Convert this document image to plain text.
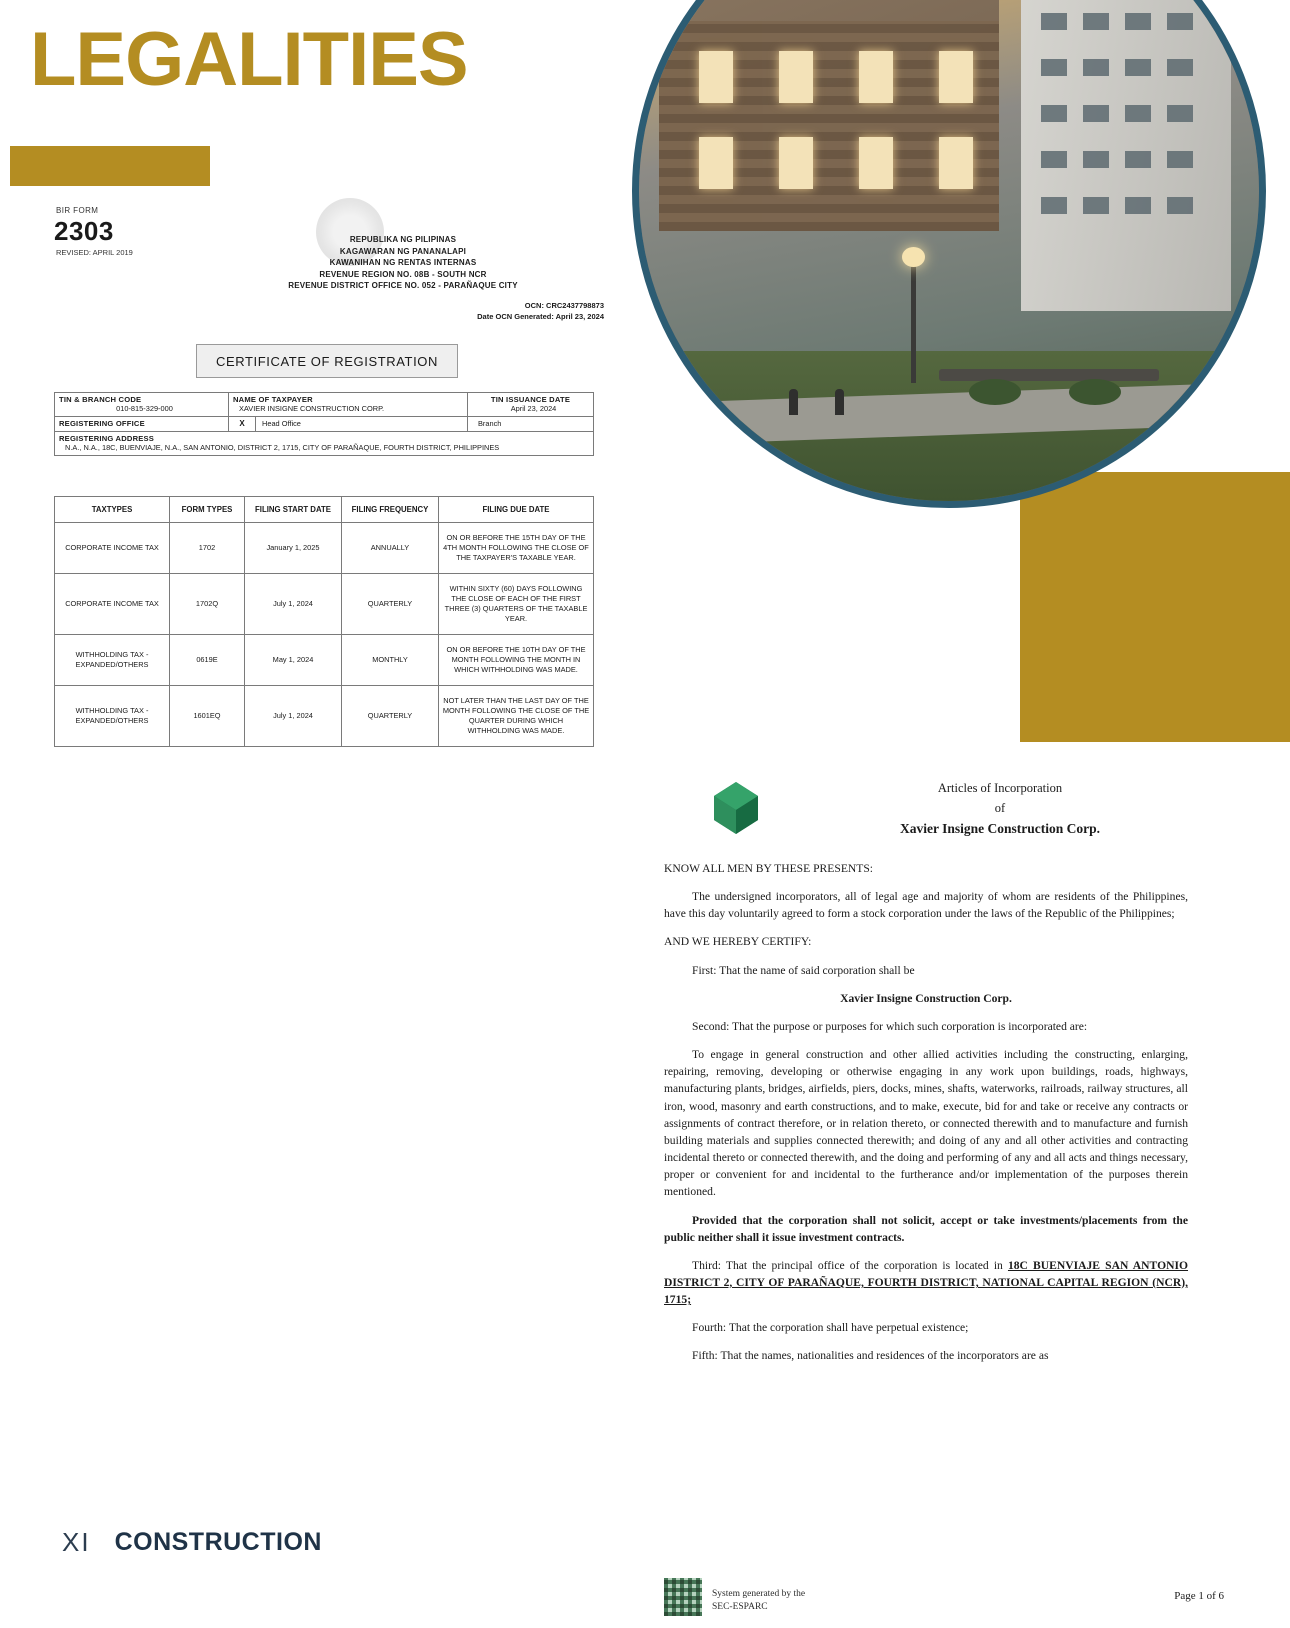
LEGALITIES
BIR FORM
2303
REVISED: APRIL 2019
REPUBLIKA NG PILIPINAS
KAGAWARAN NG PANANALAPI
KAWANIHAN NG RENTAS INTERNAS
REVENUE REGION NO. 08B - SOUTH NCR
REVENUE DISTRICT OFFICE NO. 052 - PARAÑAQUE CITY
OCN: CRC2437798873
Date OCN Generated: April 23, 2024
CERTIFICATE OF REGISTRATION
TIN & BRANCH CODE
010-815-329-000

NAME OF TAXPAYER
XAVIER INSIGNE CONSTRUCTION CORP.

TIN ISSUANCE DATE
April 23, 2024

REGISTERING OFFICE
		X	Head Office
		Branch

REGISTERING ADDRESS
N.A., N.A., 18C, BUENVIAJE, N.A., SAN ANTONIO, DISTRICT 2, 1715, CITY OF PARAÑAQUE, FOURTH DISTRICT, PHILIPPINES
TAXTYPES	FORM TYPES	FILING START DATE	FILING FREQUENCY	FILING DUE DATE
CORPORATE INCOME TAX	1702	January 1, 2025	ANNUALLY	ON OR BEFORE THE 15TH DAY OF THE 4TH MONTH FOLLOWING THE CLOSE OF THE TAXPAYER'S TAXABLE YEAR.
CORPORATE INCOME TAX	1702Q	July 1, 2024	QUARTERLY	WITHIN SIXTY (60) DAYS FOLLOWING THE CLOSE OF EACH OF THE FIRST THREE (3) QUARTERS OF THE TAXABLE YEAR.
WITHHOLDING TAX - EXPANDED/OTHERS	0619E	May 1, 2024	MONTHLY	ON OR BEFORE THE 10TH DAY OF THE MONTH FOLLOWING THE MONTH IN WHICH WITHHOLDING WAS MADE.
WITHHOLDING TAX - EXPANDED/OTHERS	1601EQ	July 1, 2024	QUARTERLY	NOT LATER THAN THE LAST DAY OF THE MONTH FOLLOWING THE CLOSE OF THE QUARTER DURING WHICH WITHHOLDING WAS MADE.
Articles of Incorporation
of
Xavier Insigne Construction Corp.

KNOW ALL MEN BY THESE PRESENTS:

The undersigned incorporators, all of legal age and majority of whom are residents of the Philippines, have this day voluntarily agreed to form a stock corporation under the laws of the Republic of the Philippines;

AND WE HEREBY CERTIFY:

First: That the name of said corporation shall be

Xavier Insigne Construction Corp.

Second: That the purpose or purposes for which such corporation is incorporated are:

To engage in general construction and other allied activities including the constructing, enlarging, repairing, removing, developing or otherwise engaging in any work upon buildings, roads, highways, manufacturing plants, bridges, airfields, piers, docks, mines, shafts, waterworks, railroads, railway structures, all iron, wood, masonry and earth constructions, and to make, execute, bid for and take or receive any contracts or assignments of contract therefore, or in relation thereto, or connected therewith and to manufacture and furnish building materials and supplies connected therewith; and doing of any and all other activities and contracting incidental thereto or connected therewith, and the doing and performing of any and all acts and things necessary, proper or convenient for and incidental to the furtherance and/or implementation of the purposes therein mentioned.

Provided that the corporation shall not solicit, accept or take investments/placements from the public neither shall it issue investment contracts.

Third: That the principal office of the corporation is located in 18C BUENVIAJE SAN ANTONIO DISTRICT 2, CITY OF PARAÑAQUE, FOURTH DISTRICT, NATIONAL CAPITAL REGION (NCR), 1715;

Fourth: That the corporation shall have perpetual existence;

Fifth: That the names, nationalities and residences of the incorporators are as

System generated by the
SEC-ESPARC
Page 1 of 6
XI CONSTRUCTION
